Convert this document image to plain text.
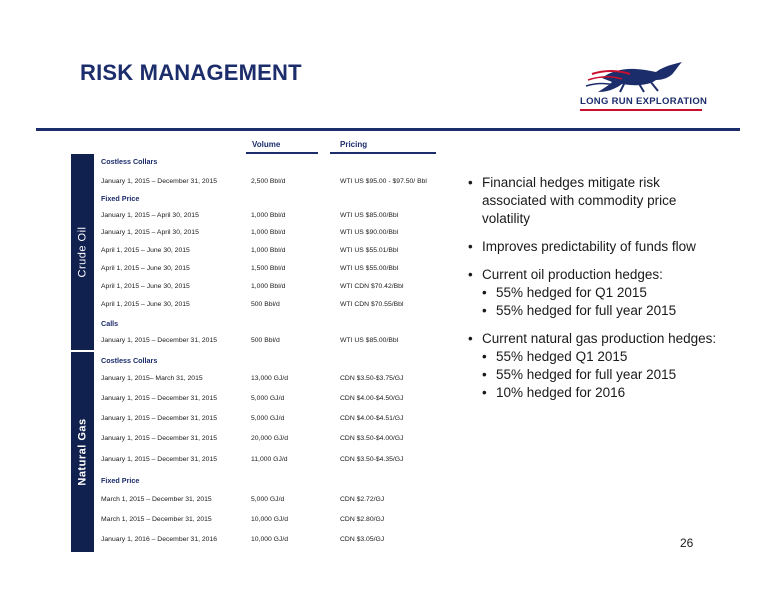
RISK MANAGEMENT
LONG RUN EXPLORATION
Volume	Pricing
Crude Oil
Natural Gas
Costless Collars
January 1, 2015 – December 31, 2015	2,500 Bbl/d	WTI US $95.00 - $97.50/ Bbl
Fixed Price
January 1, 2015 – April 30, 2015	1,000 Bbl/d	WTI US $85.00/Bbl
January 1, 2015 – April 30, 2015	1,000 Bbl/d	WTI US $90.00/Bbl
April 1, 2015 – June 30, 2015	1,000 Bbl/d	WTI US $55.01/Bbl
April 1, 2015 – June 30, 2015	1,500 Bbl/d	WTI US $55.00/Bbl
April 1, 2015 – June 30, 2015	1,000 Bbl/d	WTI CDN $70.42/Bbl
April 1, 2015 – June 30, 2015	500 Bbl/d	WTI CDN $70.55/Bbl
Calls
January 1, 2015 – December 31, 2015	500 Bbl/d	WTI US $85.00/Bbl
Costless Collars
January 1, 2015– March 31, 2015	13,000 GJ/d	CDN $3.50-$3.75/GJ
January 1, 2015 – December 31, 2015	5,000 GJ/d	CDN $4.00-$4.50/GJ
January 1, 2015 – December 31, 2015	5,000 GJ/d	CDN $4.00-$4.51/GJ
January 1, 2015 – December 31, 2015	20,000 GJ/d	CDN $3.50-$4.00/GJ
January 1, 2015 – December 31, 2015	11,000 GJ/d	CDN $3.50-$4.35/GJ
Fixed Price
March 1, 2015 – December 31, 2015	5,000 GJ/d	CDN $2.72/GJ
March 1, 2015 – December 31, 2015	10,000 GJ/d	CDN $2.80/GJ
January 1, 2016 – December 31, 2016	10,000 GJ/d	CDN $3.05/GJ
• Financial hedges mitigate risk associated with commodity price volatility
• Improves predictability of funds flow
• Current oil production hedges:
• 55% hedged for Q1 2015
• 55% hedged for full year 2015
• Current natural gas production hedges:
• 55% hedged Q1 2015
• 55% hedged for full year 2015
• 10% hedged for 2016
26
